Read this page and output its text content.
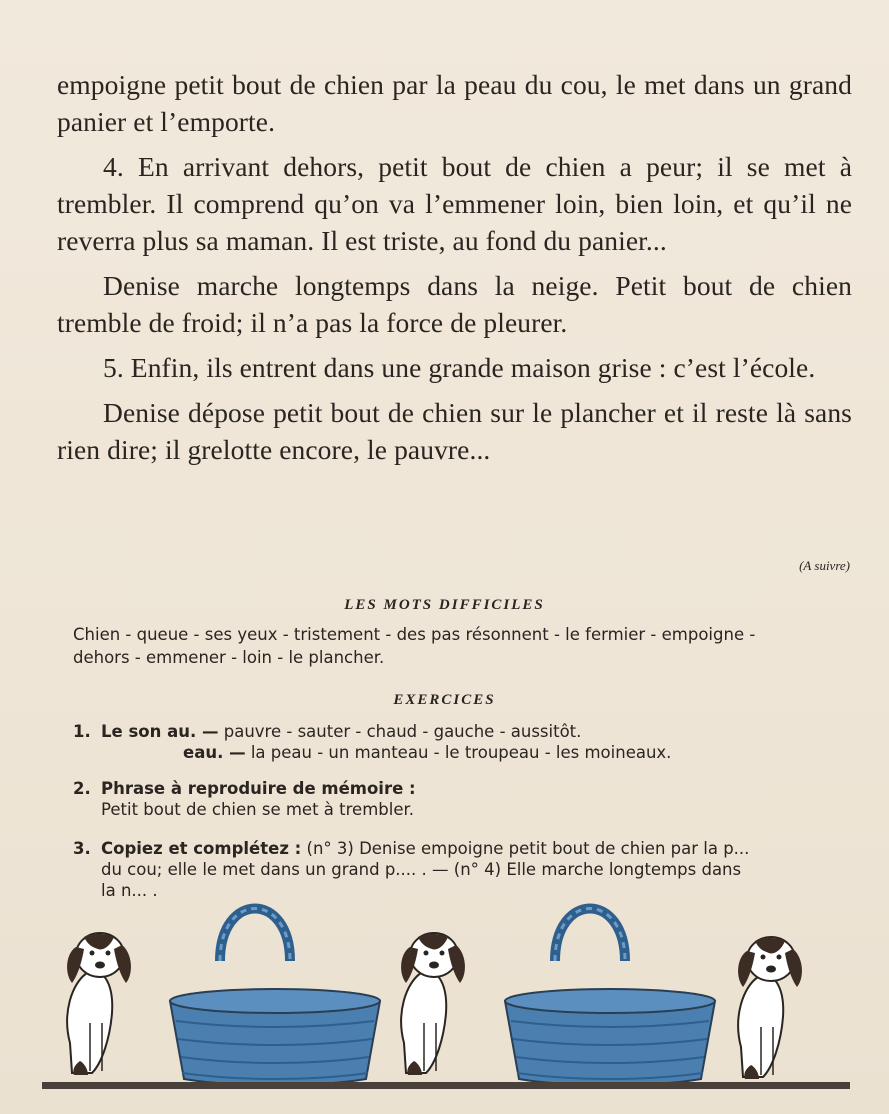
empoigne petit bout de chien par la peau du cou, le met dans un grand panier et l’emporte.

4. En arrivant dehors, petit bout de chien a peur; il se met à trembler. Il comprend qu’on va l’emmener loin, bien loin, et qu’il ne reverra plus sa maman. Il est triste, au fond du panier...

Denise marche longtemps dans la neige. Petit bout de chien tremble de froid; il n’a pas la force de pleurer.

5. Enfin, ils entrent dans une grande maison grise : c’est l’école.

Denise dépose petit bout de chien sur le plancher et il reste là sans rien dire; il grelotte encore, le pauvre...

(A suivre)
LES MOTS DIFFICILES
Chien - queue - ses yeux - tristement - des pas résonnent - le fermier - empoigne -
dehors - emmener - loin - le plancher.
EXERCICES
1. Le son au. — pauvre - sauter - chaud - gauche - aussitôt.
eau. — la peau - un manteau - le troupeau - les moineaux.
2. Phrase à reproduire de mémoire :
Petit bout de chien se met à trembler.
3. Copiez et complétez : (n° 3) Denise empoigne petit bout de chien par la p...
du cou; elle le met dans un grand p.... . — (n° 4) Elle marche longtemps dans
la n... .
